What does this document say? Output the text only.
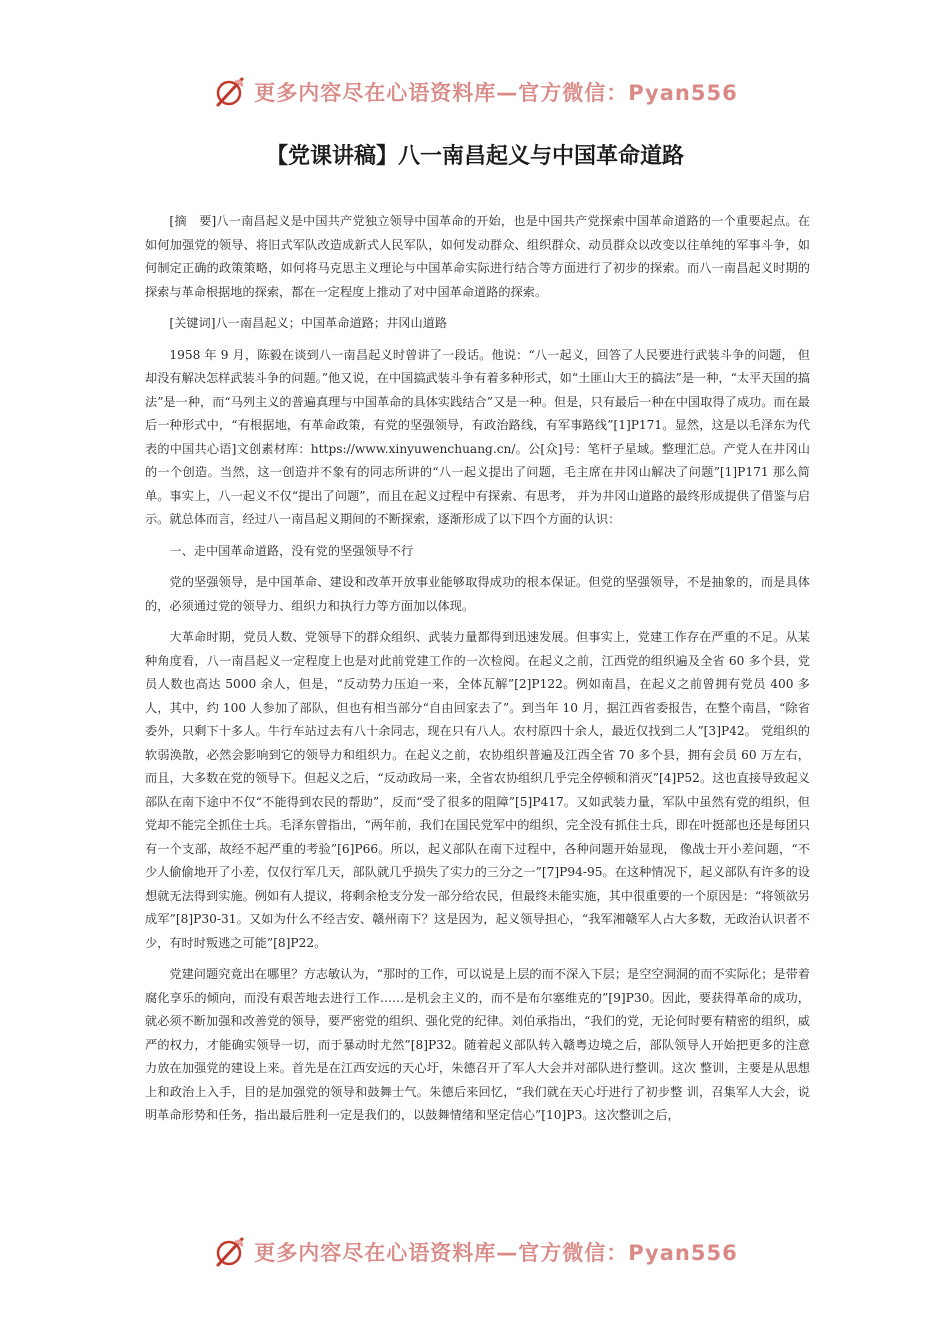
更多内容尽在心语资料库—官方微信：Pyan556
【党课讲稿】八一南昌起义与中国革命道路

[摘　要]八一南昌起义是中国共产党独立领导中国革命的开始，也是中国共产党探索中国革命道路的一个重要起点。在如何加强党的领导、将旧式军队改造成新式人民军队，如何发动群众、组织群众、动员群众以改变以往单纯的军事斗争，如何制定正确的政策策略，如何将马克思主义理论与中国革命实际进行结合等方面进行了初步的探索。而八一南昌起义时期的探索与革命根据地的探索，都在一定程度上推动了对中国革命道路的探索。

[关键词]八一南昌起义；中国革命道路；井冈山道路

1958 年 9 月，陈毅在谈到八一南昌起义时曾讲了一段话。他说：“八一起义，回答了人民要进行武装斗争的问题， 但却没有解决怎样武装斗争的问题。”他又说，在中国搞武装斗争有着多种形式，如“土匪山大王的搞法”是一种，“太平天国的搞法”是一种，而“马列主义的普遍真理与中国革命的具体实践结合”又是一种。但是，只有最后一种在中国取得了成功。而在最后一种形式中，“有根据地，有革命政策，有党的坚强领导，有政治路线，有军事路线”[1]P171。显然，这是以毛泽东为代表的中国共心语]文创素材库：https://www.xinyuwenchuang.cn/。公[众]号：笔杆子星域。整理汇总。产党人在井冈山的一个创造。当然，这一创造并不象有的同志所讲的“八一起义提出了问题，毛主席在井冈山解决了问题”[1]P171 那么简单。事实上，八一起义不仅“提出了问题”，而且在起义过程中有探索、有思考， 并为井冈山道路的最终形成提供了借鉴与启示。就总体而言，经过八一南昌起义期间的不断探索，逐渐形成了以下四个方面的认识：

一、走中国革命道路，没有党的坚强领导不行

党的坚强领导，是中国革命、建设和改革开放事业能够取得成功的根本保证。但党的坚强领导，不是抽象的，而是具体的，必须通过党的领导力、组织力和执行力等方面加以体现。

大革命时期，党员人数、党领导下的群众组织、武装力量都得到迅速发展。但事实上，党建工作存在严重的不足。从某种角度看，八一南昌起义一定程度上也是对此前党建工作的一次检阅。在起义之前，江西党的组织遍及全省 60 多个县，党员人数也高达 5000 余人，但是，“反动势力压迫一来，全体瓦解”[2]P122。例如南昌，在起义之前曾拥有党员 400 多人，其中，约 100 人参加了部队，但也有相当部分“自由回家去了”。到当年 10 月，据江西省委报告，在整个南昌，“除省委外，只剩下十多人。牛行车站过去有八十余同志，现在只有八人。农村原四十余人，最近仅找到二人”[3]P42。 党组织的软弱涣散，必然会影响到它的领导力和组织力。在起义之前，农协组织普遍及江西全省 70 多个县，拥有会员 60 万左右，而且，大多数在党的领导下。但起义之后，“反动政局一来，全省农协组织几乎完全停顿和消灭”[4]P52。这也直接导致起义部队在南下途中不仅“不能得到农民的帮助”，反而“受了很多的阻障”[5]P417。又如武装力量，军队中虽然有党的组织，但党却不能完全抓住士兵。毛泽东曾指出，“两年前，我们在国民党军中的组织，完全没有抓住士兵，即在叶挺部也还是每团只有一个支部，故经不起严重的考验”[6]P66。所以，起义部队在南下过程中，各种问题开始显现， 像战士开小差问题，“不少人偷偷地开了小差，仅仅行军几天，部队就几乎损失了实力的三分之一”[7]P94-95。在这种情况下，起义部队有许多的设想就无法得到实施。例如有人提议，将剩余枪支分发一部分给农民，但最终未能实施，其中很重要的一个原因是：“将领欲另成军”[8]P30-31。又如为什么不经吉安、赣州南下？这是因为，起义领导担心，“我军湘赣军人占大多数，无政治认识者不少，有时时叛逃之可能”[8]P22。

党建问题究竟出在哪里？方志敏认为，“那时的工作，可以说是上层的而不深入下层；是空空洞洞的而不实际化；是带着腐化享乐的倾向，而没有艰苦地去进行工作……是机会主义的，而不是布尔塞维克的”[9]P30。因此，要获得革命的成功，就必须不断加强和改善党的领导，要严密党的组织、强化党的纪律。刘伯承指出，“我们的党，无论何时要有精密的组织，威严的权力，才能确实领导一切，而于暴动时尤然”[8]P32。随着起义部队转入赣粤边境之后，部队领导人开始把更多的注意力放在加强党的建设上来。首先是在江西安远的天心圩，朱德召开了军人大会并对部队进行整训。这次 整训，主要是从思想上和政治上入手，目的是加强党的领导和鼓舞士气。朱德后来回忆，“我们就在天心圩进行了初步整 训，召集军人大会，说明革命形势和任务，指出最后胜利一定是我们的，以鼓舞情绪和坚定信心”[10]P3。这次整训之后，

更多内容尽在心语资料库—官方微信：Pyan556
